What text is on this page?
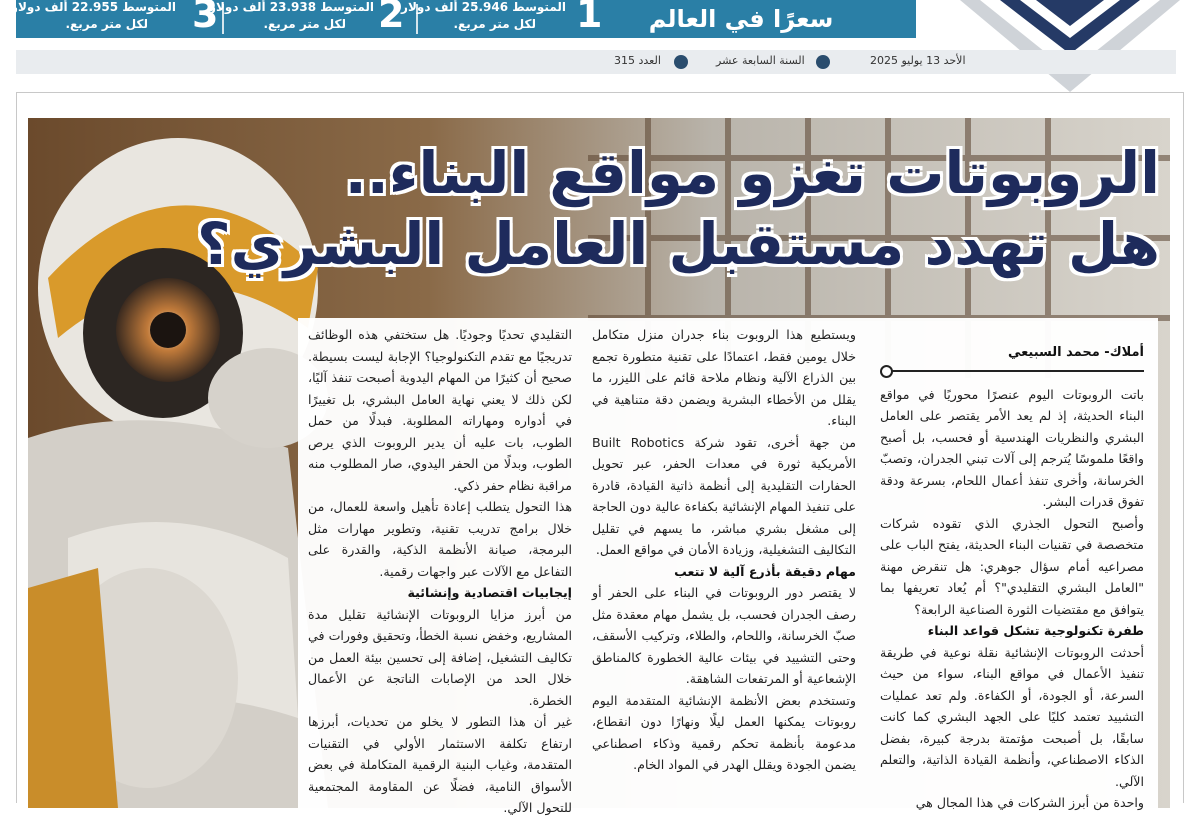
3
المتوسط 22.955 ألف دولار
لكل متر مربع.	2
المتوسط 23.938 ألف دولار
لكل متر مربع.	1
المتوسط 25.946 ألف دولار
لكل متر مربع.	سعرًا في العالم
الأحد 13 يوليو 2025
السنة السابعة عشر
العدد 315
الروبوتات تغزو مواقع البناء..
هل تهدد مستقبل العامل البشري؟
أملاك- محمد السبيعي

باتت الروبوتات اليوم عنصرًا محوريًا في مواقع البناء الحديثة، إذ لم يعد الأمر يقتصر على العامل البشري والنظريات الهندسية أو فحسب، بل أصبح واقعًا ملموسًا يُترجم إلى آلات تبني الجدران، وتصبّ الخرسانة، وأخرى تنفذ أعمال اللحام، بسرعة ودقة تفوق قدرات البشر.

وأصبح التحول الجذري الذي تقوده شركات متخصصة في تقنيات البناء الحديثة، يفتح الباب على مصراعيه أمام سؤال جوهري: هل تنقرض مهنة "العامل البشري التقليدي"؟ أم يُعاد تعريفها بما يتوافق مع مقتضيات الثورة الصناعية الرابعة؟

طفرة تكنولوجية تشكل قواعد البناء

أحدثت الروبوتات الإنشائية نقلة نوعية في طريقة تنفيذ الأعمال في مواقع البناء، سواء من حيث السرعة، أو الجودة، أو الكفاءة. ولم تعد عمليات التشييد تعتمد كليًا على الجهد البشري كما كانت سابقًا، بل أصبحت مؤتمتة بدرجة كبيرة، بفضل الذكاء الاصطناعي، وأنظمة القيادة الذاتية، والتعلم الآلي.

واحدة من أبرز الشركات في هذا المجال هي

ويستطيع هذا الروبوت بناء جدران منزل متكامل خلال يومين فقط، اعتمادًا على تقنية متطورة تجمع بين الذراع الآلية ونظام ملاحة قائم على الليزر، ما يقلل من الأخطاء البشرية ويضمن دقة متناهية في البناء.

من جهة أخرى، تقود شركة Built Robotics الأمريكية ثورة في معدات الحفر، عبر تحويل الحفارات التقليدية إلى أنظمة ذاتية القيادة، قادرة على تنفيذ المهام الإنشائية بكفاءة عالية دون الحاجة إلى مشغل بشري مباشر، ما يسهم في تقليل التكاليف التشغيلية، وزيادة الأمان في مواقع العمل.

مهام دقيقة بأذرع آلية لا تتعب

لا يقتصر دور الروبوتات في البناء على الحفر أو رصف الجدران فحسب، بل يشمل مهام معقدة مثل صبّ الخرسانة، واللحام، والطلاء، وتركيب الأسقف، وحتى التشييد في بيئات عالية الخطورة كالمناطق الإشعاعية أو المرتفعات الشاهقة.

وتستخدم بعض الأنظمة الإنشائية المتقدمة اليوم روبوتات يمكنها العمل ليلًا ونهارًا دون انقطاع، مدعومة بأنظمة تحكم رقمية وذكاء اصطناعي يضمن الجودة ويقلل الهدر في المواد الخام.

التقليدي تحديًا وجوديًا. هل ستختفي هذه الوظائف تدريجيًا مع تقدم التكنولوجيا؟ الإجابة ليست بسيطة. صحيح أن كثيرًا من المهام اليدوية أصبحت تنفذ آليًا، لكن ذلك لا يعني نهاية العامل البشري، بل تغييرًا في أدواره ومهاراته المطلوبة. فبدلًا من حمل الطوب، بات عليه أن يدير الروبوت الذي يرص الطوب، وبدلًا من الحفر اليدوي، صار المطلوب منه مراقبة نظام حفر ذكي.

هذا التحول يتطلب إعادة تأهيل واسعة للعمال، من خلال برامج تدريب تقنية، وتطوير مهارات مثل البرمجة، صيانة الأنظمة الذكية، والقدرة على التفاعل مع الآلات عبر واجهات رقمية.

إيجابيات اقتصادية وإنشائية

من أبرز مزايا الروبوتات الإنشائية تقليل مدة المشاريع، وخفض نسبة الخطأ، وتحقيق وفورات في تكاليف التشغيل، إضافة إلى تحسين بيئة العمل من خلال الحد من الإصابات الناتجة عن الأعمال الخطرة.

غير أن هذا التطور لا يخلو من تحديات، أبرزها ارتفاع تكلفة الاستثمار الأولي في التقنيات المتقدمة، وغياب البنية الرقمية المتكاملة في بعض الأسواق النامية، فضلًا عن المقاومة المجتمعية للتحول الآلي.
